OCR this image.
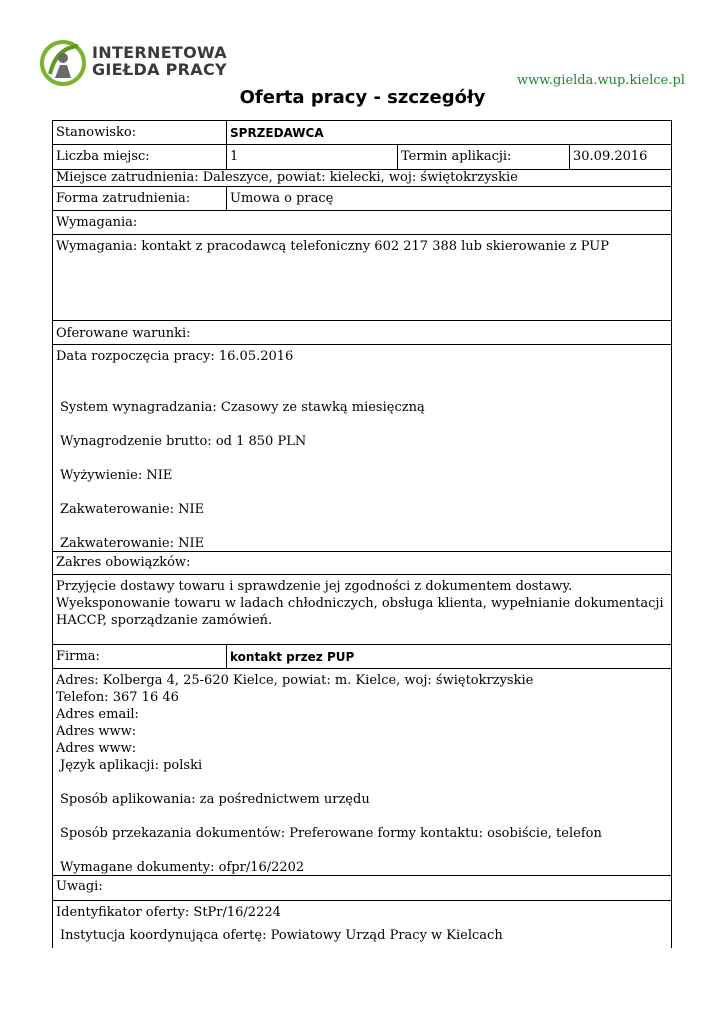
INTERNETOWA
GIEŁDA PRACY
www.gielda.wup.kielce.pl
Oferta pracy - szczegóły
Stanowisko:	SPRZEDAWCA
Liczba miejsc:	1	Termin aplikacji:	30.09.2016
Miejsce zatrudnienia: Daleszyce, powiat: kielecki, woj: świętokrzyskie
Forma zatrudnienia:	Umowa o pracę
Wymagania:

Wymagania: kontakt z pracodawcą telefoniczny 602 217 388 lub skierowanie z PUP

Oferowane warunki:

Data rozpoczęcia pracy: 16.05.2016

System wynagradzania: Czasowy ze stawką miesięczną

Wynagrodzenie brutto: od 1 850 PLN

Wyżywienie: NIE

Zakwaterowanie: NIE

Zakwaterowanie: NIE

Zakres obowiązków:

Przyjęcie dostawy towaru i sprawdzenie jej zgodności z dokumentem dostawy. Wyeksponowanie towaru w ladach chłodniczych, obsługa klienta, wypełnianie dokumentacji HACCP, sporządzanie zamówień.

Firma:	kontakt przez PUP

Adres: Kolberga 4, 25-620 Kielce, powiat: m. Kielce, woj: świętokrzyskie

Telefon: 367 16 46

Adres email:

Adres www:

Adres www:

Język aplikacji: polski

Sposób aplikowania: za pośrednictwem urzędu

Sposób przekazania dokumentów: Preferowane formy kontaktu: osobiście, telefon

Wymagane dokumenty: ofpr/16/2202

Uwagi:

Identyfikator oferty: StPr/16/2224

Instytucja koordynująca ofertę: Powiatowy Urząd Pracy w Kielcach
